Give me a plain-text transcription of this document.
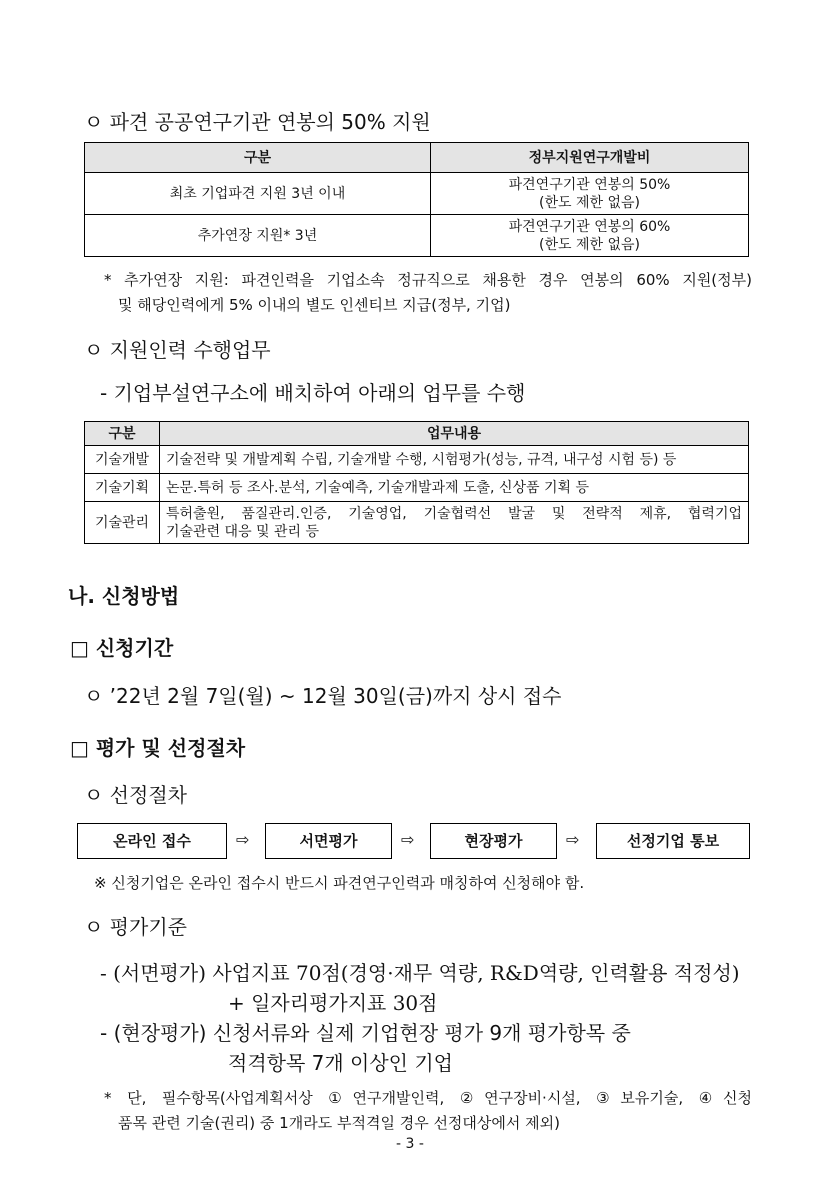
ㅇ 파견 공공연구기관 연봉의 50% 지원
구분	정부지원연구개발비
최초 기업파견 지원 3년 이내	파견연구기관 연봉의 50%
(한도 제한 없음)

추가연장 지원* 3년	파견연구기관 연봉의 60%
(한도 제한 없음)
* 추가연장 지원: 파견인력을 기업소속 정규직으로 채용한 경우 연봉의 60% 지원(정부)
및 해당인력에게 5% 이내의 별도 인센티브 지급(정부, 기업)
ㅇ 지원인력 수행업무
- 기업부설연구소에 배치하여 아래의 업무를 수행
구분	업무내용
기술개발	기술전략 및 개발계획 수립, 기술개발 수행, 시험평가(성능, 규격, 내구성 시험 등) 등
기술기획	논문.특허 등 조사.분석, 기술예측, 기술개발과제 도출, 신상품 기획 등
기술관리	특허출원, 품질관리.인증, 기술영업, 기술협력선 발굴 및 전략적 제휴, 협력기업
기술관련 대응 및 관리 등
나. 신청방법
□ 신청기간
ㅇ ’22년 2월 7일(월) ~ 12월 30일(금)까지 상시 접수
□ 평가 및 선정절차
ㅇ 선정절차
온라인 접수	⇨	서면평가	⇨	현장평가	⇨	선정기업 통보
※ 신청기업은 온라인 접수시 반드시 파견연구인력과 매칭하여 신청해야 함.
ㅇ 평가기준
- (서면평가) 사업지표 70점(경영·재무 역량, R&D역량, 인력활용 적정성)
+ 일자리평가지표 30점
- (현장평가) 신청서류와 실제 기업현장 평가 9개 평가항목 중
적격항목 7개 이상인 기업
* 단, 필수항목(사업계획서상 ①연구개발인력, ②연구장비·시설, ③보유기술, ④신청
품목 관련 기술(권리) 중 1개라도 부적격일 경우 선정대상에서 제외)
- 3 -
